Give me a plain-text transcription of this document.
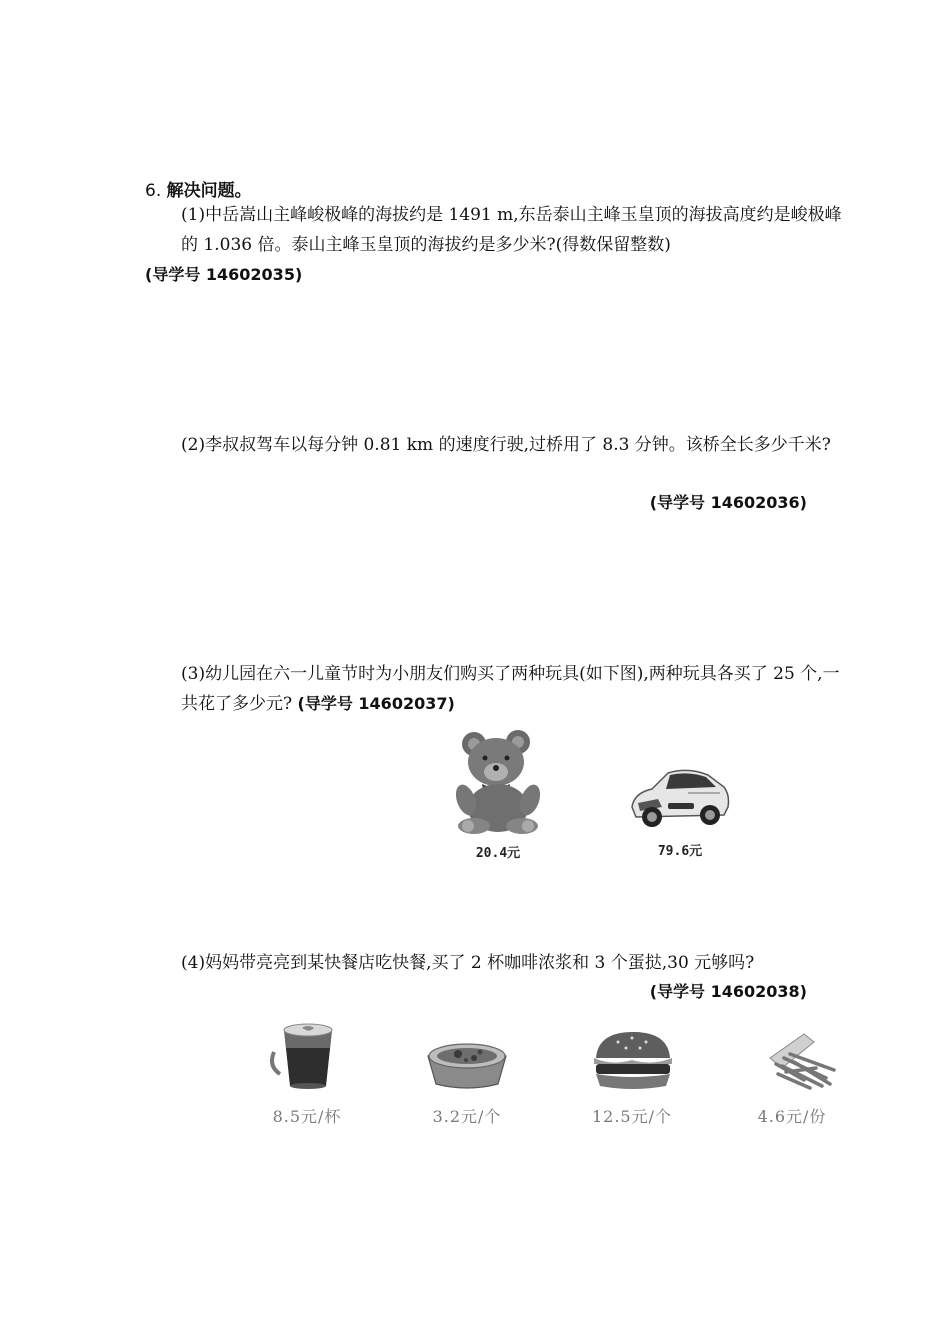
6. 解决问题。
(1)中岳嵩山主峰峻极峰的海拔约是 1491 m,东岳泰山主峰玉皇顶的海拔高度约是峻极峰的 1.036 倍。泰山主峰玉皇顶的海拔约是多少米?(得数保留整数)
(导学号 14602035)
(2)李叔叔驾车以每分钟 0.81 km 的速度行驶,过桥用了 8.3 分钟。该桥全长多少千米?
(导学号 14602036)
(3)幼儿园在六一儿童节时为小朋友们购买了两种玩具(如下图),两种玩具各买了 25 个,一共花了多少元? (导学号 14602037)
20.4元	79.6元
(4)妈妈带亮亮到某快餐店吃快餐,买了 2 杯咖啡浓浆和 3 个蛋挞,30 元够吗?
(导学号 14602038)
8.5元/杯	3.2元/个	12.5元/个	4.6元/份
